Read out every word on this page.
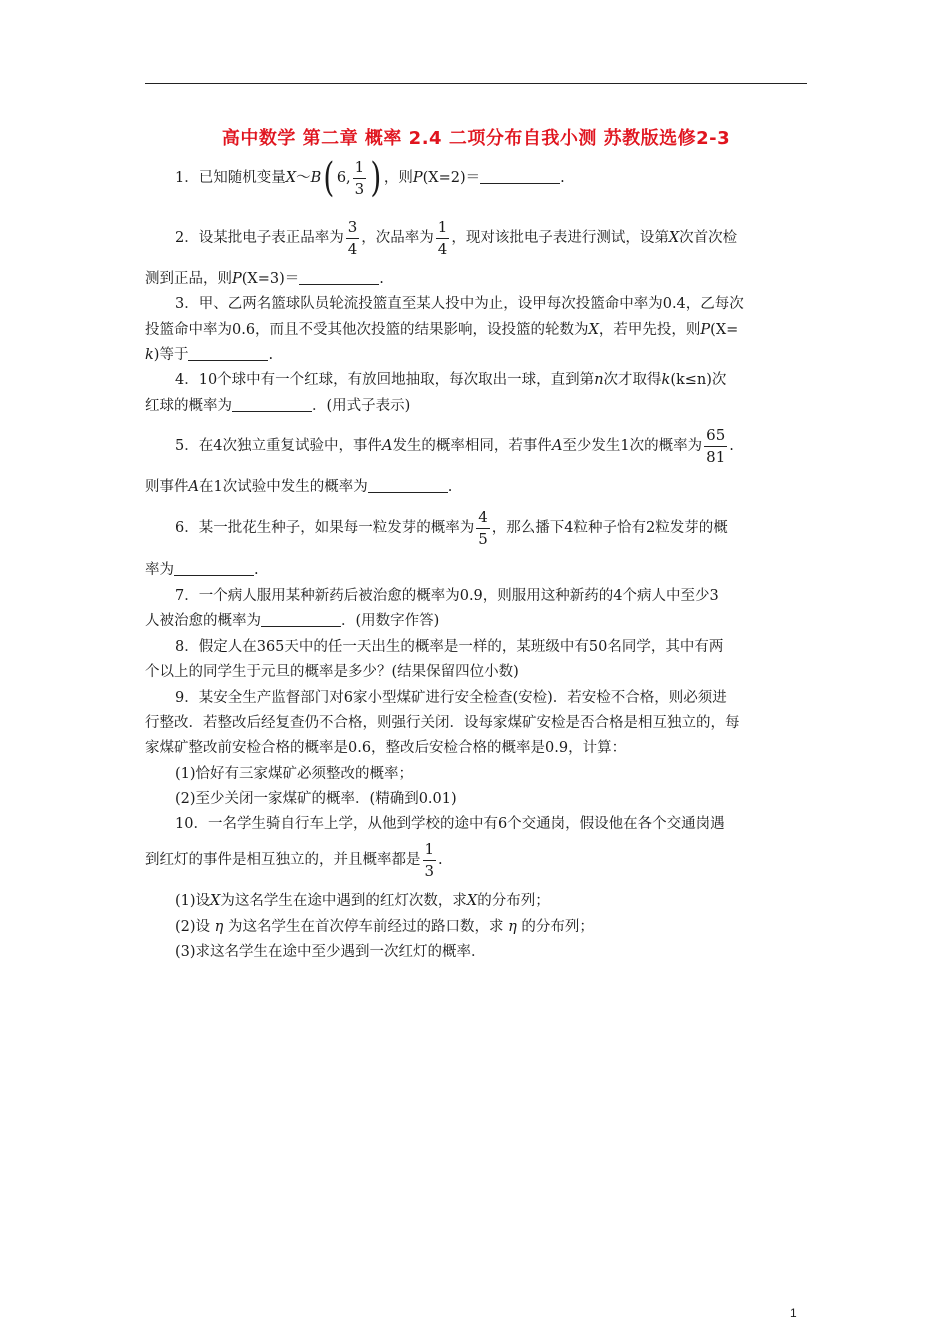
高中数学 第二章 概率 2.4 二项分布自我小测 苏教版选修2-3
1．已知随机变量X～B( 6, $\frac{1}{3}$ ) ，则P(X=2)＝	.
2．设某批电子表正品率为 $\frac{3}{4}$ ，次品率为 $\frac{1}{4}$ ，现对该批电子表进行测试，设第X次首次检
测到正品，则P(X=3)＝	.
3．甲、乙两名篮球队员轮流投篮直至某人投中为止，设甲每次投篮命中率为0.4，乙每次
投篮命中率为0.6，而且不受其他次投篮的结果影响，设投篮的轮数为X，若甲先投，则P(X=
k)等于	.
4．10个球中有一个红球，有放回地抽取，每次取出一球，直到第n次才取得k(k≤n)次
红球的概率为	．(用式子表示)
5．在4次独立重复试验中，事件A发生的概率相同，若事件A至少发生1次的概率为 $\frac{65}{81}$ .
则事件A在1次试验中发生的概率为	.
6．某一批花生种子，如果每一粒发芽的概率为 $\frac{4}{5}$ ，那么播下4粒种子恰有2粒发芽的概
率为	.
7．一个病人服用某种新药后被治愈的概率为0.9，则服用这种新药的4个病人中至少3
人被治愈的概率为	．(用数字作答)
8．假定人在365天中的任一天出生的概率是一样的，某班级中有50名同学，其中有两
个以上的同学生于元旦的概率是多少？(结果保留四位小数)
9．某安全生产监督部门对6家小型煤矿进行安全检查(安检)．若安检不合格，则必须进
行整改．若整改后经复查仍不合格，则强行关闭．设每家煤矿安检是否合格是相互独立的，每
家煤矿整改前安检合格的概率是0.6，整改后安检合格的概率是0.9，计算：
(1)恰好有三家煤矿必须整改的概率；
(2)至少关闭一家煤矿的概率．(精确到0.01)
10．一名学生骑自行车上学，从他到学校的途中有6个交通岗，假设他在各个交通岗遇
到红灯的事件是相互独立的，并且概率都是 $\frac{1}{3}$ .
(1)设X为这名学生在途中遇到的红灯次数，求X的分布列；
(2)设 η 为这名学生在首次停车前经过的路口数，求 η 的分布列；
(3)求这名学生在途中至少遇到一次红灯的概率．
1
